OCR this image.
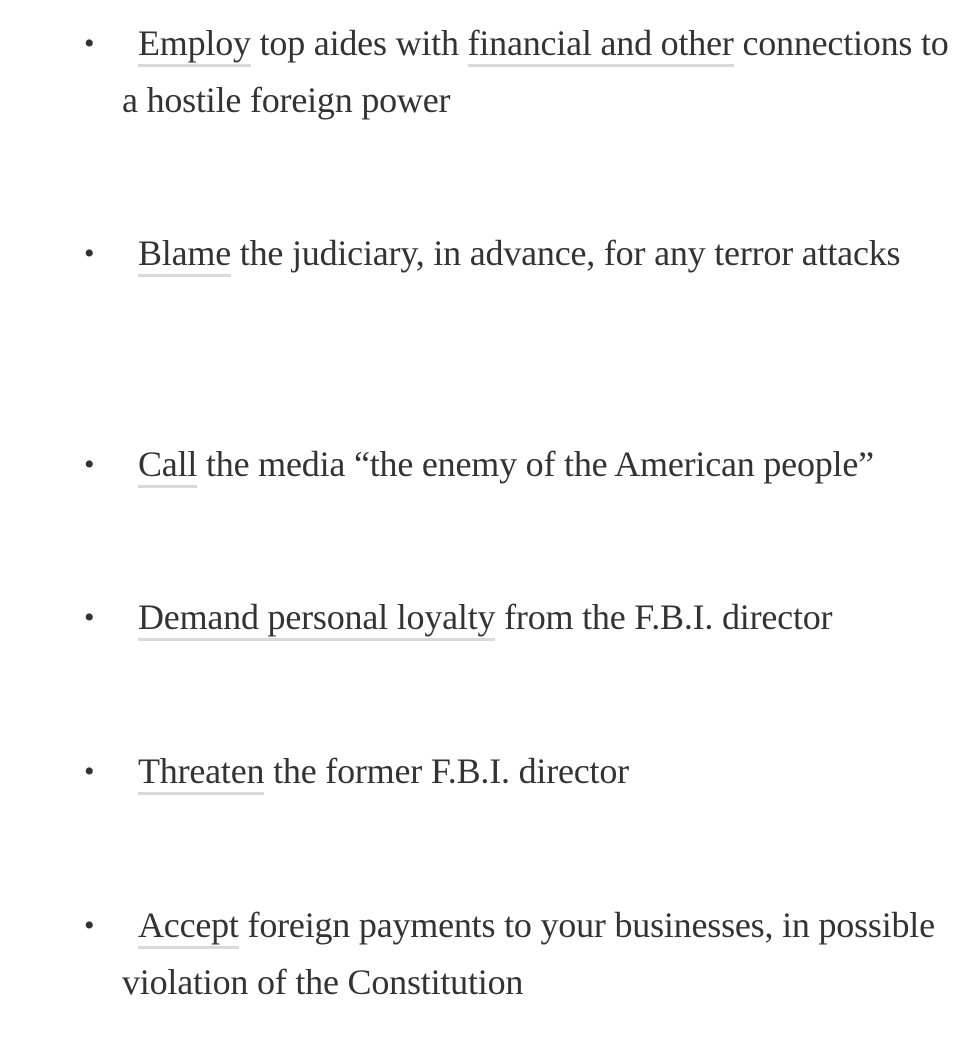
•	Employ top aides with financial and other connections to a hostile foreign power
•	Blame the judiciary, in advance, for any terror attacks
•	Call the media “the enemy of the American people”
•	Demand personal loyalty from the F.B.I. director
•	Threaten the former F.B.I. director
•	Accept foreign payments to your businesses, in possible violation of the Constitution
